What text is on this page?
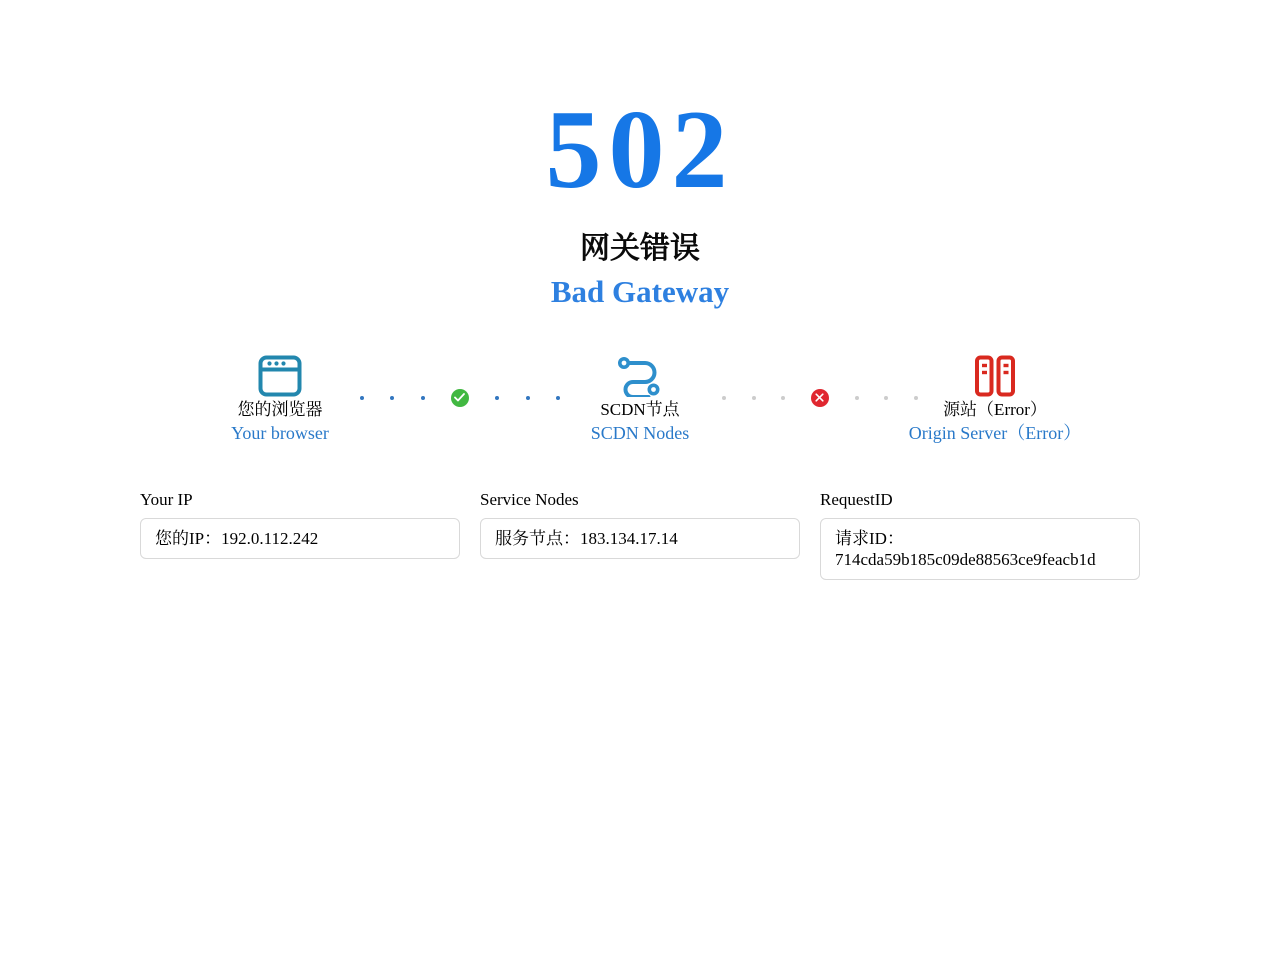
502
网关错误
Bad Gateway
您的浏览器
Your browser
SCDN节点
SCDN Nodes
源站（Error）
Origin Server（Error）
Your IP
您的IP：192.0.112.242
Service Nodes
服务节点：183.134.17.14
RequestID
请求ID：714cda59b185c09de88563ce9feacb1d
